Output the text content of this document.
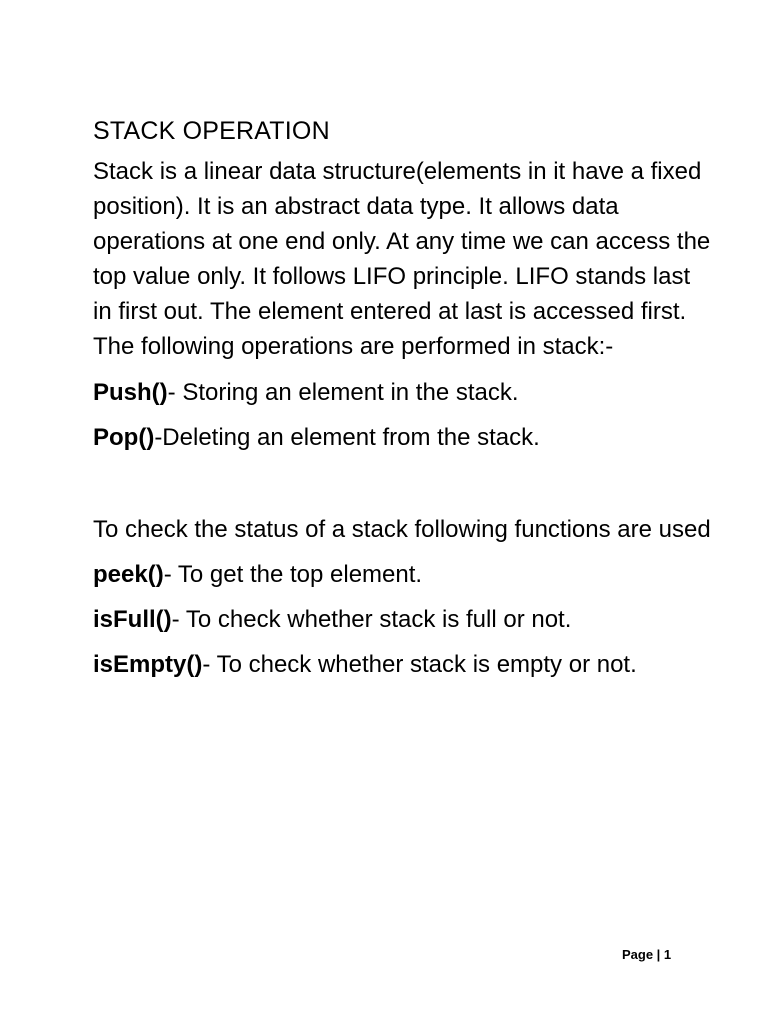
STACK OPERATION

Stack is a linear data structure(elements in it have a fixed position). It is an abstract data type. It allows data operations at one end only. At any time we can access the top value only. It follows LIFO principle. LIFO stands last in first out. The element entered at last is accessed first. The following operations are performed in stack:-

Push()- Storing an element in the stack.

Pop()-Deleting an element from the stack.

To check the status of a stack following functions are used

peek()- To get the top element.

isFull()- To check whether stack is full or not.

isEmpty()- To check whether stack is empty or not.

Page | 1
